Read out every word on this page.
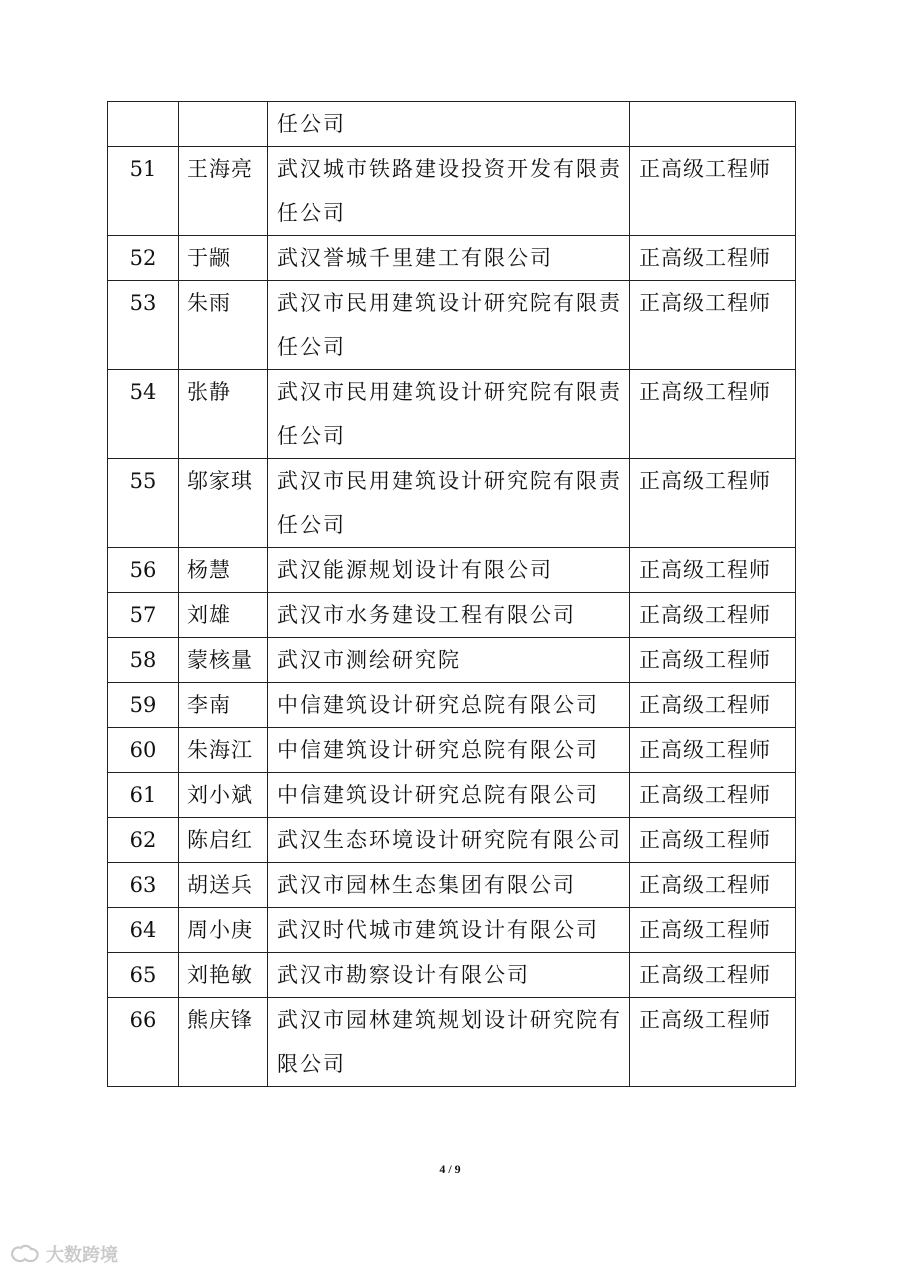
		任公司	
51	王海亮	武汉城市铁路建设投资开发有限责任公司	正高级工程师
52	于颛	武汉誉城千里建工有限公司	正高级工程师
53	朱雨	武汉市民用建筑设计研究院有限责任公司	正高级工程师
54	张静	武汉市民用建筑设计研究院有限责任公司	正高级工程师
55	邬家琪	武汉市民用建筑设计研究院有限责任公司	正高级工程师
56	杨慧	武汉能源规划设计有限公司	正高级工程师
57	刘雄	武汉市水务建设工程有限公司	正高级工程师
58	蒙核量	武汉市测绘研究院	正高级工程师
59	李南	中信建筑设计研究总院有限公司	正高级工程师
60	朱海江	中信建筑设计研究总院有限公司	正高级工程师
61	刘小斌	中信建筑设计研究总院有限公司	正高级工程师
62	陈启红	武汉生态环境设计研究院有限公司	正高级工程师
63	胡送兵	武汉市园林生态集团有限公司	正高级工程师
64	周小庚	武汉时代城市建筑设计有限公司	正高级工程师
65	刘艳敏	武汉市勘察设计有限公司	正高级工程师
66	熊庆锋	武汉市园林建筑规划设计研究院有限公司	正高级工程师
4 / 9
大数跨境
